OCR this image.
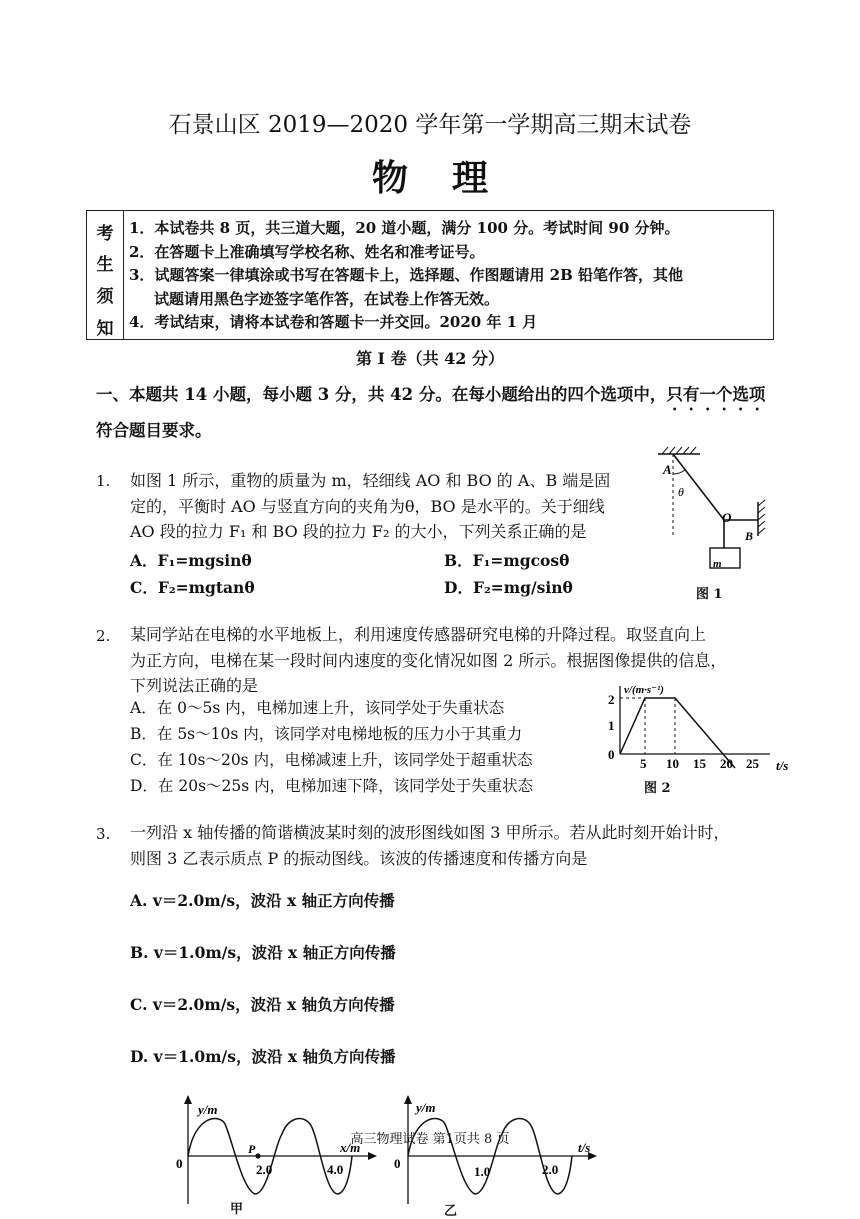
石景山区 2019—2020 学年第一学期高三期末试卷
物理
考
生
须
知
1．本试卷共 8 页，共三道大题，20 道小题，满分 100 分。考试时间 90 分钟。
2．在答题卡上准确填写学校名称、姓名和准考证号。
3．试题答案一律填涂或书写在答题卡上，选择题、作图题请用 2B 铅笔作答，其他
试题请用黑色字迹签字笔作答，在试卷上作答无效。
4．考试结束，请将本试卷和答题卡一并交回。2020 年 1 月
第 Ⅰ 卷（共 42 分）
一、本题共 14 小题，每小题 3 分，共 42 分。在每小题给出的四个选项中，只有一个选项符合题目要求。
1. 如图 1 所示，重物的质量为 m，轻细线 AO 和 BO 的 A、B 端是固
定的，平衡时 AO 与竖直方向的夹角为θ，BO 是水平的。关于细线
AO 段的拉力 F₁ 和 BO 段的拉力 F₂ 的大小，下列关系正确的是
A．F₁=mgsinθ	B．F₁=mgcosθ
C．F₂=mgtanθ	D．F₂=mg/sinθ
A
θ
O
B
m
图 1
2. 某同学站在电梯的水平地板上，利用速度传感器研究电梯的升降过程。取竖直向上
为正方向，电梯在某一段时间内速度的变化情况如图 2 所示。根据图像提供的信息，
下列说法正确的是
A．在 0～5s 内，电梯加速上升，该同学处于失重状态
B．在 5s～10s 内，该同学对电梯地板的压力小于其重力
C．在 10s～20s 内，电梯减速上升，该同学处于超重状态
D．在 20s～25s 内，电梯加速下降，该同学处于失重状态
v/(m·s⁻¹)
2
1
0
5 10 15 20 25 t/s
图 2
3. 一列沿 x 轴传播的简谐横波某时刻的波形图线如图 3 甲所示。若从此时刻开始计时，
则图 3 乙表示质点 P 的振动图线。该波的传播速度和传播方向是
A. v＝2.0m/s，波沿 x 轴正方向传播
B. v＝1.0m/s，波沿 x 轴正方向传播
C. v＝2.0m/s，波沿 x 轴负方向传播
D. v＝1.0m/s，波沿 x 轴负方向传播
y/m
0
P
2.0	4.0
x/m
甲
y/m
0
1.0	2.0
t/s
乙
高三物理试卷 第1页共 8 页
